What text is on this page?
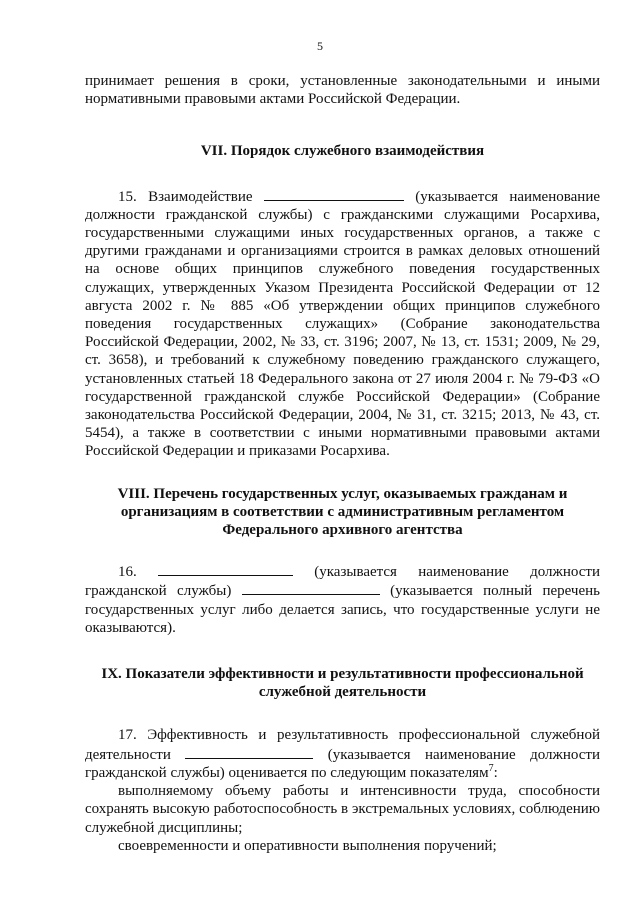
5

принимает решения в сроки, установленные законодательными и иными нормативными правовыми актами Российской Федерации.

VII. Порядок служебного взаимодействия

15. Взаимодействие	(указывается наименование должности гражданской службы) с гражданскими служащими Росархива, государственными служащими иных государственных органов, а также с другими гражданами и организациями строится в рамках деловых отношений на основе общих принципов служебного поведения государственных служащих, утвержденных Указом Президента Российской Федерации от 12 августа 2002 г. № 885 «Об утверждении общих принципов служебного поведения государственных служащих» (Собрание законодательства Российской Федерации, 2002, № 33, ст. 3196; 2007, № 13, ст. 1531; 2009, № 29, ст. 3658), и требований к служебному поведению гражданского служащего, установленных статьей 18 Федерального закона от 27 июля 2004 г. № 79-ФЗ «О государственной гражданской службе Российской Федерации» (Собрание законодательства Российской Федерации, 2004, № 31, ст. 3215; 2013, № 43, ст. 5454), а также в соответствии с иными нормативными правовыми актами Российской Федерации и приказами Росархива.

VIII. Перечень государственных услуг, оказываемых гражданам и
организациям в соответствии с административным регламентом
Федерального архивного агентства

16.	(указывается наименование должности гражданской службы)	(указывается полный перечень государственных услуг либо делается запись, что государственные услуги не оказываются).

IX. Показатели эффективности и результативности профессиональной
служебной деятельности

17. Эффективность и результативность профессиональной служебной деятельности	(указывается наименование должности гражданской службы) оценивается по следующим показателям$^7$:

выполняемому объему работы и интенсивности труда, способности сохранять высокую работоспособность в экстремальных условиях, соблюдению служебной дисциплины;

своевременности и оперативности выполнения поручений;
